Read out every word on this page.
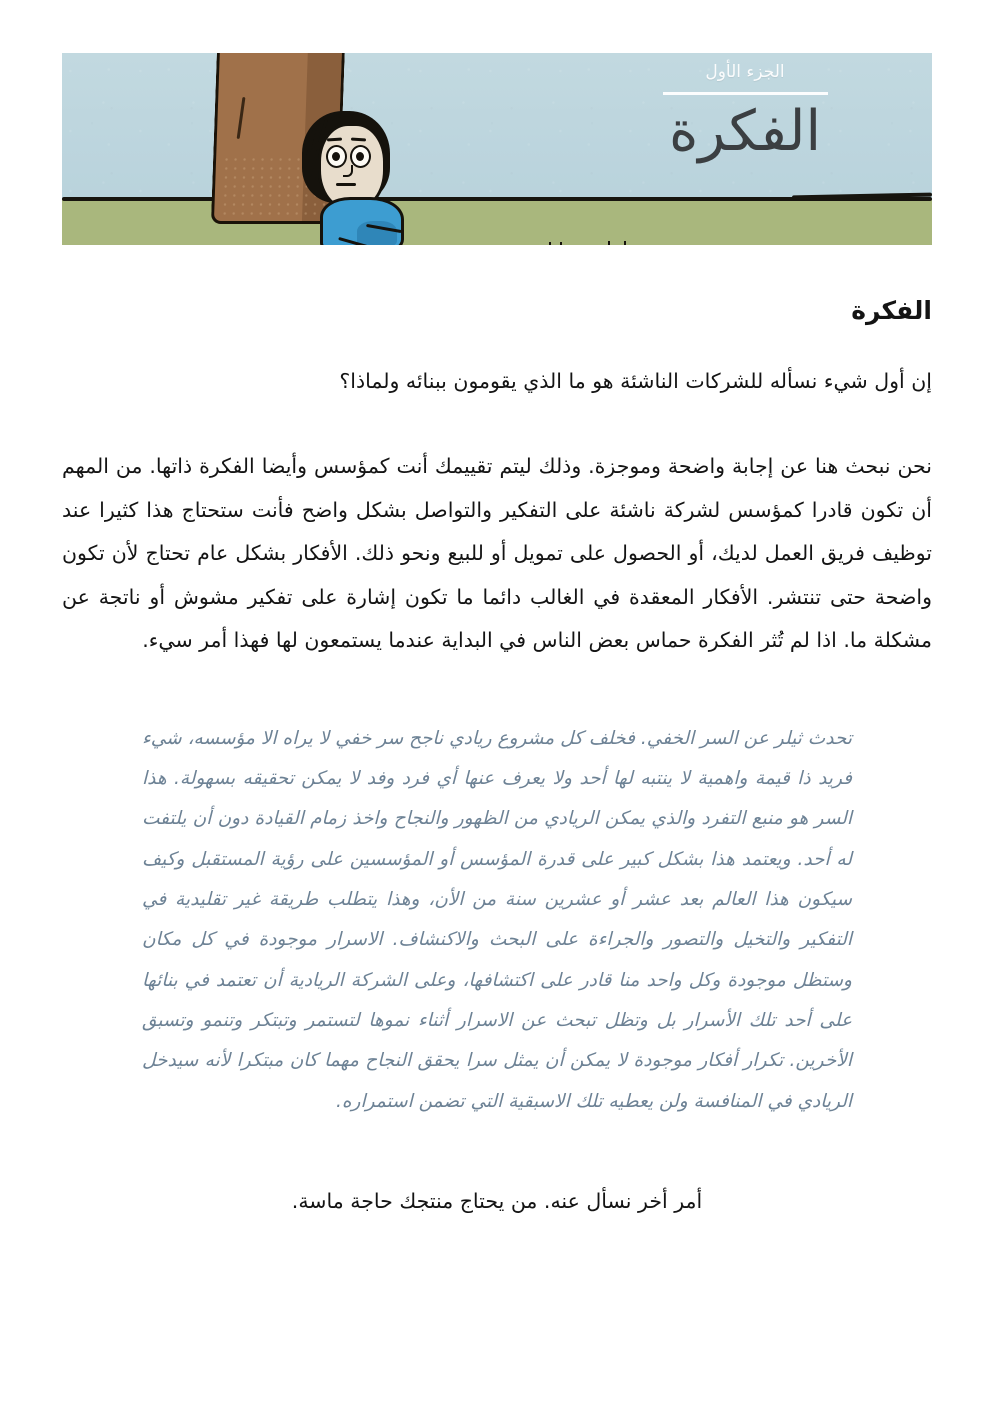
الجزء الأول
الفكرة
الفكرة

إن أول شيء نسأله للشركات الناشئة هو ما الذي يقومون ببنائه ولماذا؟

نحن نبحث هنا عن إجابة واضحة وموجزة. وذلك ليتم تقييمك أنت كمؤسس وأيضا الفكرة ذاتها. من المهم أن تكون قادرا كمؤسس لشركة ناشئة على التفكير والتواصل بشكل واضح فأنت ستحتاج هذا كثيرا عند توظيف فريق العمل لديك، أو الحصول على تمويل أو للبيع ونحو ذلك. الأفكار بشكل عام تحتاج لأن تكون واضحة حتى تنتشر. الأفكار المعقدة في الغالب دائما ما تكون إشارة على تفكير مشوش أو ناتجة عن مشكلة ما. اذا لم تُثر الفكرة حماس بعض الناس في البداية عندما يستمعون لها فهذا أمر سيء.

تحدث ثيلر عن السر الخفي. فخلف كل مشروع ريادي ناجح سر خفي لا يراه الا مؤسسه، شيء فريد ذا قيمة واهمية لا ينتبه لها أحد ولا يعرف عنها أي فرد وفد لا يمكن تحقيقه بسهولة. هذا السر هو منبع التفرد والذي يمكن الريادي من الظهور والنجاح واخذ زمام القيادة دون أن يلتفت له أحد. ويعتمد هذا بشكل كبير على قدرة المؤسس أو المؤسسين على رؤية المستقبل وكيف سيكون هذا العالم بعد عشر أو عشرين سنة من الأن، وهذا يتطلب طريقة غير تقليدية في التفكير والتخيل والتصور والجراءة على البحث والاكنشاف. الاسرار موجودة في كل مكان وستظل موجودة وكل واحد منا قادر على اكتشافها، وعلى الشركة الريادية أن تعتمد في بنائها على أحد تلك الأسرار بل وتظل تبحث عن الاسرار أثناء نموها لتستمر وتبتكر وتنمو وتسبق الأخرين. تكرار أفكار موجودة لا يمكن أن يمثل سرا يحقق النجاح مهما كان مبتكرا لأنه سيدخل الريادي في المنافسة ولن يعطيه تلك الاسبقية التي تضمن استمراره.

أمر أخر نسأل عنه. من يحتاج منتجك حاجة ماسة.
